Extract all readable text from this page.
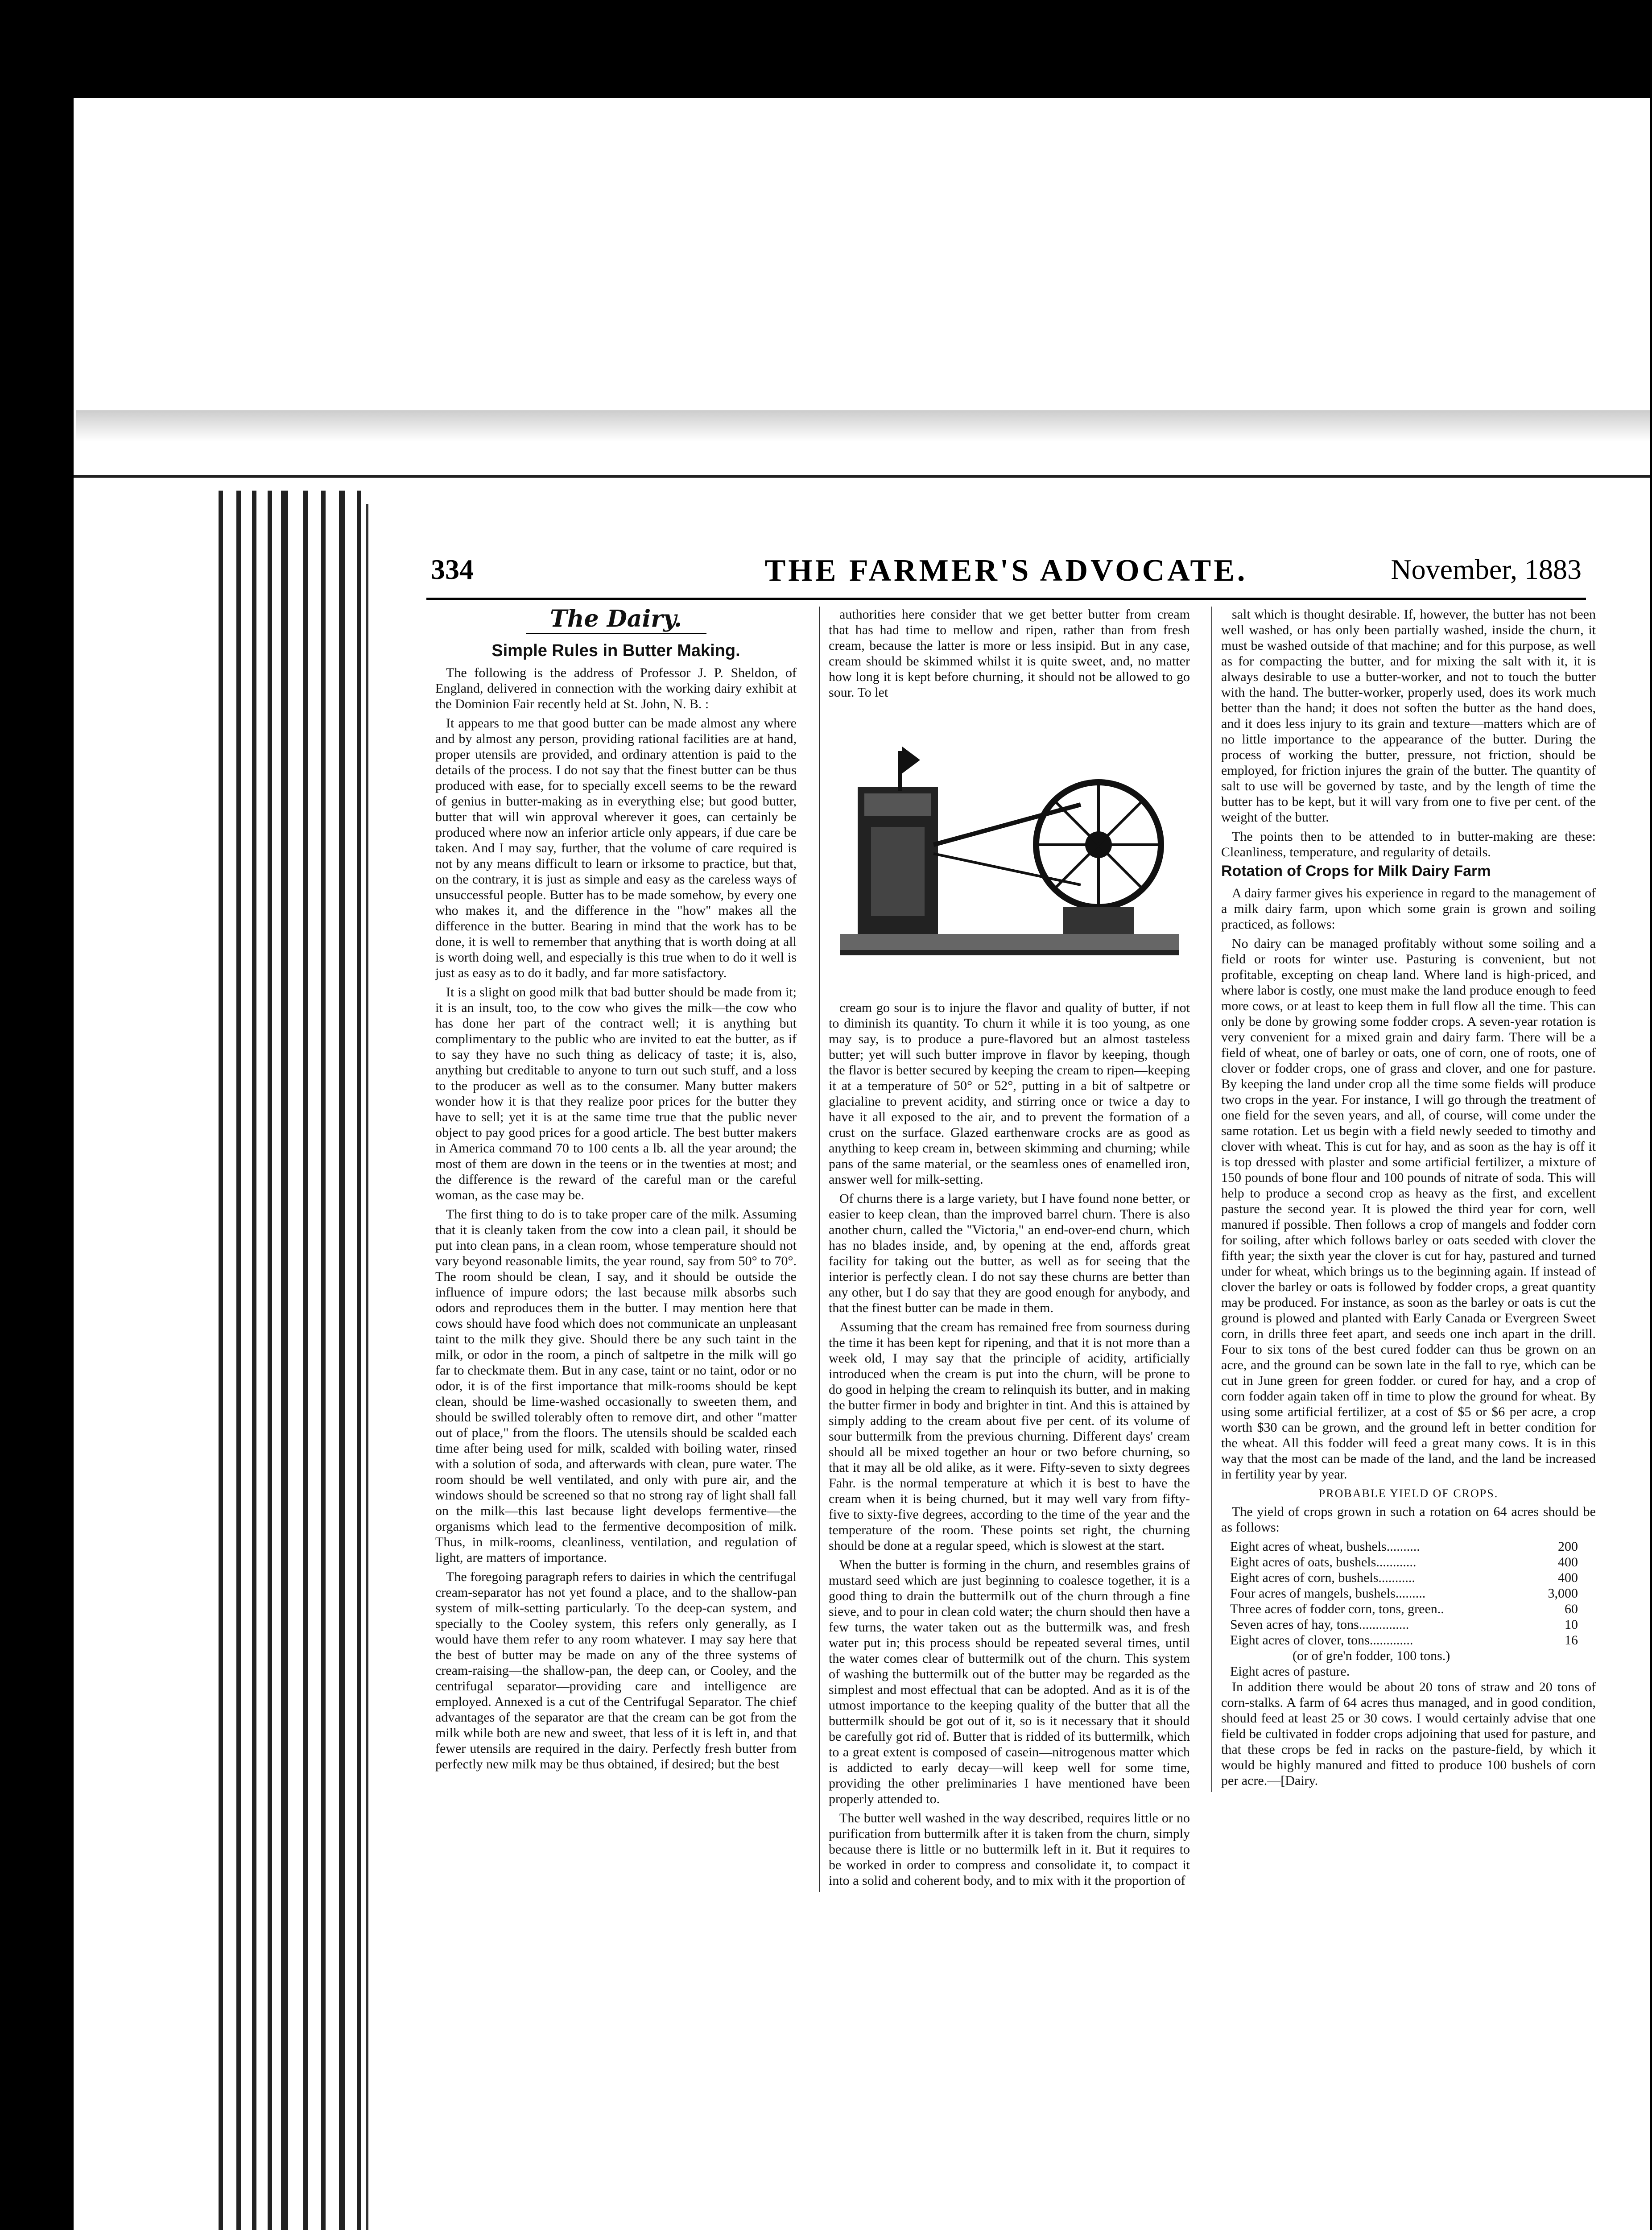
334	THE FARMER'S ADVOCATE.	November, 1883
The Dairy.
Simple Rules in Butter Making.

The following is the address of Professor J. P. Sheldon, of England, delivered in connection with the working dairy exhibit at the Dominion Fair recently held at St. John, N. B. :

It appears to me that good butter can be made almost any where and by almost any person, providing rational facilities are at hand, proper utensils are provided, and ordinary attention is paid to the details of the process. I do not say that the finest butter can be thus produced with ease, for to specially excell seems to be the reward of genius in butter-making as in everything else; but good butter, butter that will win approval wherever it goes, can certainly be produced where now an inferior article only appears, if due care be taken. And I may say, further, that the volume of care required is not by any means difficult to learn or irksome to practice, but that, on the contrary, it is just as simple and easy as the careless ways of unsuccessful people. Butter has to be made somehow, by every one who makes it, and the difference in the "how" makes all the difference in the butter. Bearing in mind that the work has to be done, it is well to remember that anything that is worth doing at all is worth doing well, and especially is this true when to do it well is just as easy as to do it badly, and far more satisfactory.

It is a slight on good milk that bad butter should be made from it; it is an insult, too, to the cow who gives the milk—the cow who has done her part of the contract well; it is anything but complimentary to the public who are invited to eat the butter, as if to say they have no such thing as delicacy of taste; it is, also, anything but creditable to anyone to turn out such stuff, and a loss to the producer as well as to the consumer. Many butter makers wonder how it is that they realize poor prices for the butter they have to sell; yet it is at the same time true that the public never object to pay good prices for a good article. The best butter makers in America command 70 to 100 cents a lb. all the year around; the most of them are down in the teens or in the twenties at most; and the difference is the reward of the careful man or the careful woman, as the case may be.

The first thing to do is to take proper care of the milk. Assuming that it is cleanly taken from the cow into a clean pail, it should be put into clean pans, in a clean room, whose temperature should not vary beyond reasonable limits, the year round, say from 50° to 70°. The room should be clean, I say, and it should be outside the influence of impure odors; the last because milk absorbs such odors and reproduces them in the butter. I may mention here that cows should have food which does not communicate an unpleasant taint to the milk they give. Should there be any such taint in the milk, or odor in the room, a pinch of saltpetre in the milk will go far to checkmate them. But in any case, taint or no taint, odor or no odor, it is of the first importance that milk-rooms should be kept clean, should be lime-washed occasionally to sweeten them, and should be swilled tolerably often to remove dirt, and other "matter out of place," from the floors. The utensils should be scalded each time after being used for milk, scalded with boiling water, rinsed with a solution of soda, and afterwards with clean, pure water. The room should be well ventilated, and only with pure air, and the windows should be screened so that no strong ray of light shall fall on the milk—this last because light develops fermentive—the organisms which lead to the fermentive decomposition of milk. Thus, in milk-rooms, cleanliness, ventilation, and regulation of light, are matters of importance.

The foregoing paragraph refers to dairies in which the centrifugal cream-separator has not yet found a place, and to the shallow-pan system of milk-setting particularly. To the deep-can system, and specially to the Cooley system, this refers only generally, as I would have them refer to any room whatever. I may say here that the best of butter may be made on any of the three systems of cream-raising—the shallow-pan, the deep can, or Cooley, and the centrifugal separator—providing care and intelligence are employed. Annexed is a cut of the Centrifugal Separator. The chief advantages of the separator are that the cream can be got from the milk while both are new and sweet, that less of it is left in, and that fewer utensils are required in the dairy. Perfectly fresh butter from perfectly new milk may be thus obtained, if desired; but the best

authorities here consider that we get better butter from cream that has had time to mellow and ripen, rather than from fresh cream, because the latter is more or less insipid. But in any case, cream should be skimmed whilst it is quite sweet, and, no matter how long it is kept before churning, it should not be allowed to go sour. To let

cream go sour is to injure the flavor and quality of butter, if not to diminish its quantity. To churn it while it is too young, as one may say, is to produce a pure-flavored but an almost tasteless butter; yet will such butter improve in flavor by keeping, though the flavor is better secured by keeping the cream to ripen—keeping it at a temperature of 50° or 52°, putting in a bit of saltpetre or glacialine to prevent acidity, and stirring once or twice a day to have it all exposed to the air, and to prevent the formation of a crust on the surface. Glazed earthenware crocks are as good as anything to keep cream in, between skimming and churning; while pans of the same material, or the seamless ones of enamelled iron, answer well for milk-setting.

Of churns there is a large variety, but I have found none better, or easier to keep clean, than the improved barrel churn. There is also another churn, called the "Victoria," an end-over-end churn, which has no blades inside, and, by opening at the end, affords great facility for taking out the butter, as well as for seeing that the interior is perfectly clean. I do not say these churns are better than any other, but I do say that they are good enough for anybody, and that the finest butter can be made in them.

Assuming that the cream has remained free from sourness during the time it has been kept for ripening, and that it is not more than a week old, I may say that the principle of acidity, artificially introduced when the cream is put into the churn, will be prone to do good in helping the cream to relinquish its butter, and in making the butter firmer in body and brighter in tint. And this is attained by simply adding to the cream about five per cent. of its volume of sour buttermilk from the previous churning. Different days' cream should all be mixed together an hour or two before churning, so that it may all be old alike, as it were. Fifty-seven to sixty degrees Fahr. is the normal temperature at which it is best to have the cream when it is being churned, but it may well vary from fifty-five to sixty-five degrees, according to the time of the year and the temperature of the room. These points set right, the churning should be done at a regular speed, which is slowest at the start.

When the butter is forming in the churn, and resembles grains of mustard seed which are just beginning to coalesce together, it is a good thing to drain the buttermilk out of the churn through a fine sieve, and to pour in clean cold water; the churn should then have a few turns, the water taken out as the buttermilk was, and fresh water put in; this process should be repeated several times, until the water comes clear of buttermilk out of the churn. This system of washing the buttermilk out of the butter may be regarded as the simplest and most effectual that can be adopted. And as it is of the utmost importance to the keeping quality of the butter that all the buttermilk should be got out of it, so is it necessary that it should be carefully got rid of. Butter that is ridded of its buttermilk, which to a great extent is composed of casein—nitrogenous matter which is addicted to early decay—will keep well for some time, providing the other preliminaries I have mentioned have been properly attended to.

The butter well washed in the way described, requires little or no purification from buttermilk after it is taken from the churn, simply because there is little or no buttermilk left in it. But it requires to be worked in order to compress and consolidate it, to compact it into a solid and coherent body, and to mix with it the proportion of

salt which is thought desirable. If, however, the butter has not been well washed, or has only been partially washed, inside the churn, it must be washed outside of that machine; and for this purpose, as well as for compacting the butter, and for mixing the salt with it, it is always desirable to use a butter-worker, and not to touch the butter with the hand. The butter-worker, properly used, does its work much better than the hand; it does not soften the butter as the hand does, and it does less injury to its grain and texture—matters which are of no little importance to the appearance of the butter. During the process of working the butter, pressure, not friction, should be employed, for friction injures the grain of the butter. The quantity of salt to use will be governed by taste, and by the length of time the butter has to be kept, but it will vary from one to five per cent. of the weight of the butter.

The points then to be attended to in butter-making are these: Cleanliness, temperature, and regularity of details.

Rotation of Crops for Milk Dairy Farm

A dairy farmer gives his experience in regard to the management of a milk dairy farm, upon which some grain is grown and soiling practiced, as follows:

No dairy can be managed profitably without some soiling and a field or roots for winter use. Pasturing is convenient, but not profitable, excepting on cheap land. Where land is high-priced, and where labor is costly, one must make the land produce enough to feed more cows, or at least to keep them in full flow all the time. This can only be done by growing some fodder crops. A seven-year rotation is very convenient for a mixed grain and dairy farm. There will be a field of wheat, one of barley or oats, one of corn, one of roots, one of clover or fodder crops, one of grass and clover, and one for pasture. By keeping the land under crop all the time some fields will produce two crops in the year. For instance, I will go through the treatment of one field for the seven years, and all, of course, will come under the same rotation. Let us begin with a field newly seeded to timothy and clover with wheat. This is cut for hay, and as soon as the hay is off it is top dressed with plaster and some artificial fertilizer, a mixture of 150 pounds of bone flour and 100 pounds of nitrate of soda. This will help to produce a second crop as heavy as the first, and excellent pasture the second year. It is plowed the third year for corn, well manured if possible. Then follows a crop of mangels and fodder corn for soiling, after which follows barley or oats seeded with clover the fifth year; the sixth year the clover is cut for hay, pastured and turned under for wheat, which brings us to the beginning again. If instead of clover the barley or oats is followed by fodder crops, a great quantity may be produced. For instance, as soon as the barley or oats is cut the ground is plowed and planted with Early Canada or Evergreen Sweet corn, in drills three feet apart, and seeds one inch apart in the drill. Four to six tons of the best cured fodder can thus be grown on an acre, and the ground can be sown late in the fall to rye, which can be cut in June green for green fodder. or cured for hay, and a crop of corn fodder again taken off in time to plow the ground for wheat. By using some artificial fertilizer, at a cost of $5 or $6 per acre, a crop worth $30 can be grown, and the ground left in better condition for the wheat. All this fodder will feed a great many cows. It is in this way that the most can be made of the land, and the land be increased in fertility year by year.

PROBABLE YIELD OF CROPS.

The yield of crops grown in such a rotation on 64 acres should be as follows:

Eight acres of wheat, bushels..........	200
Eight acres of oats, bushels............	400
Eight acres of corn, bushels...........	400
Four acres of mangels, bushels.........	3,000
Three acres of fodder corn, tons, green..	60
Seven acres of hay, tons...............	10
Eight acres of clover, tons.............	16
(or of gre'n fodder, 100 tons.)
Eight acres of pasture.

In addition there would be about 20 tons of straw and 20 tons of corn-stalks. A farm of 64 acres thus managed, and in good condition, should feed at least 25 or 30 cows. I would certainly advise that one field be cultivated in fodder crops adjoining that used for pasture, and that these crops be fed in racks on the pasture-field, by which it would be highly manured and fitted to produce 100 bushels of corn per acre.—[Dairy.
